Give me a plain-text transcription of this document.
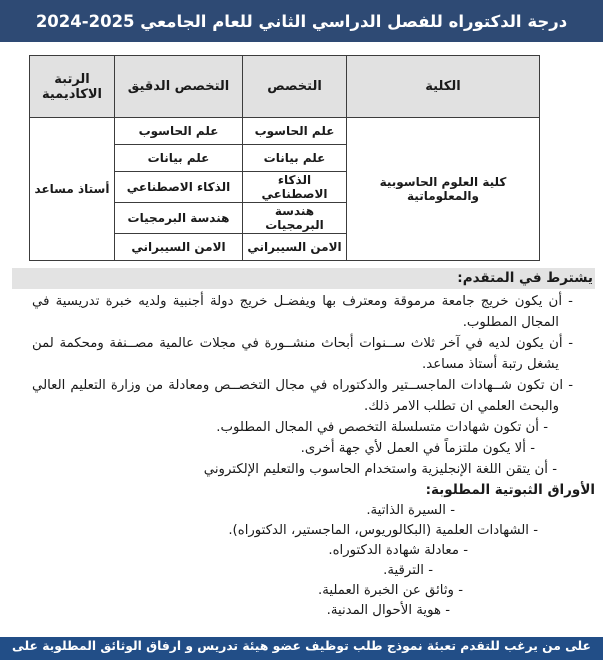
درجة الدكتوراه للفصل الدراسي الثاني للعام الجامعي 2025-2024
الكلية	التخصص	التخصص الدقيق	الرتبة الاكاديمية
كلية العلوم الحاسوبية والمعلوماتية	علم الحاسوب	علم الحاسوب	أستاذ مساعد
	علم بيانات	علم بيانات	
	الذكاء الاصطناعي	الذكاء الاصطناعي	
	هندسة البرمجيات	هندسة البرمجيات	
	الامن السيبراني	الامن السيبراني	
يشترط في المتقدم:
- أن يكون خريج جامعة مرموقة ومعترف بها ويفضـل خريج دولة أجنبية ولديه خبرة تدريسية في المجال المطلوب.
- أن يكون لديه في آخر ثلاث ســنوات أبحاث منشــورة في مجلات عالمية مصــنفة ومحكمة لمن يشغل رتبة أستاذ مساعد.
- ان تكون شــهادات الماجســتير والدكتوراه في مجال التخصــص ومعادلة من وزارة التعليم العالي والبحث العلمي ان تطلب الامر ذلك.
- أن تكون شهادات متسلسلة التخصص في المجال المطلوب.
- ألا يكون ملتزماً في العمل لأي جهة أخرى.
- أن يتقن اللغة الإنجليزية واستخدام الحاسوب والتعليم الإلكتروني
الأوراق الثبوتية المطلوبة:
- السيرة الذاتية.
- الشهادات العلمية (البكالوريوس، الماجستير، الدكتوراه).
- معادلة شهادة الدكتوراه.
- الترقية.
- وثائق عن الخبرة العملية.
- هوية الأحوال المدنية.
على من يرغب للتقدم تعبئة نموذج طلب توظيف عضو هيئة تدريس و ارفاق الوثائق المطلوبة على
